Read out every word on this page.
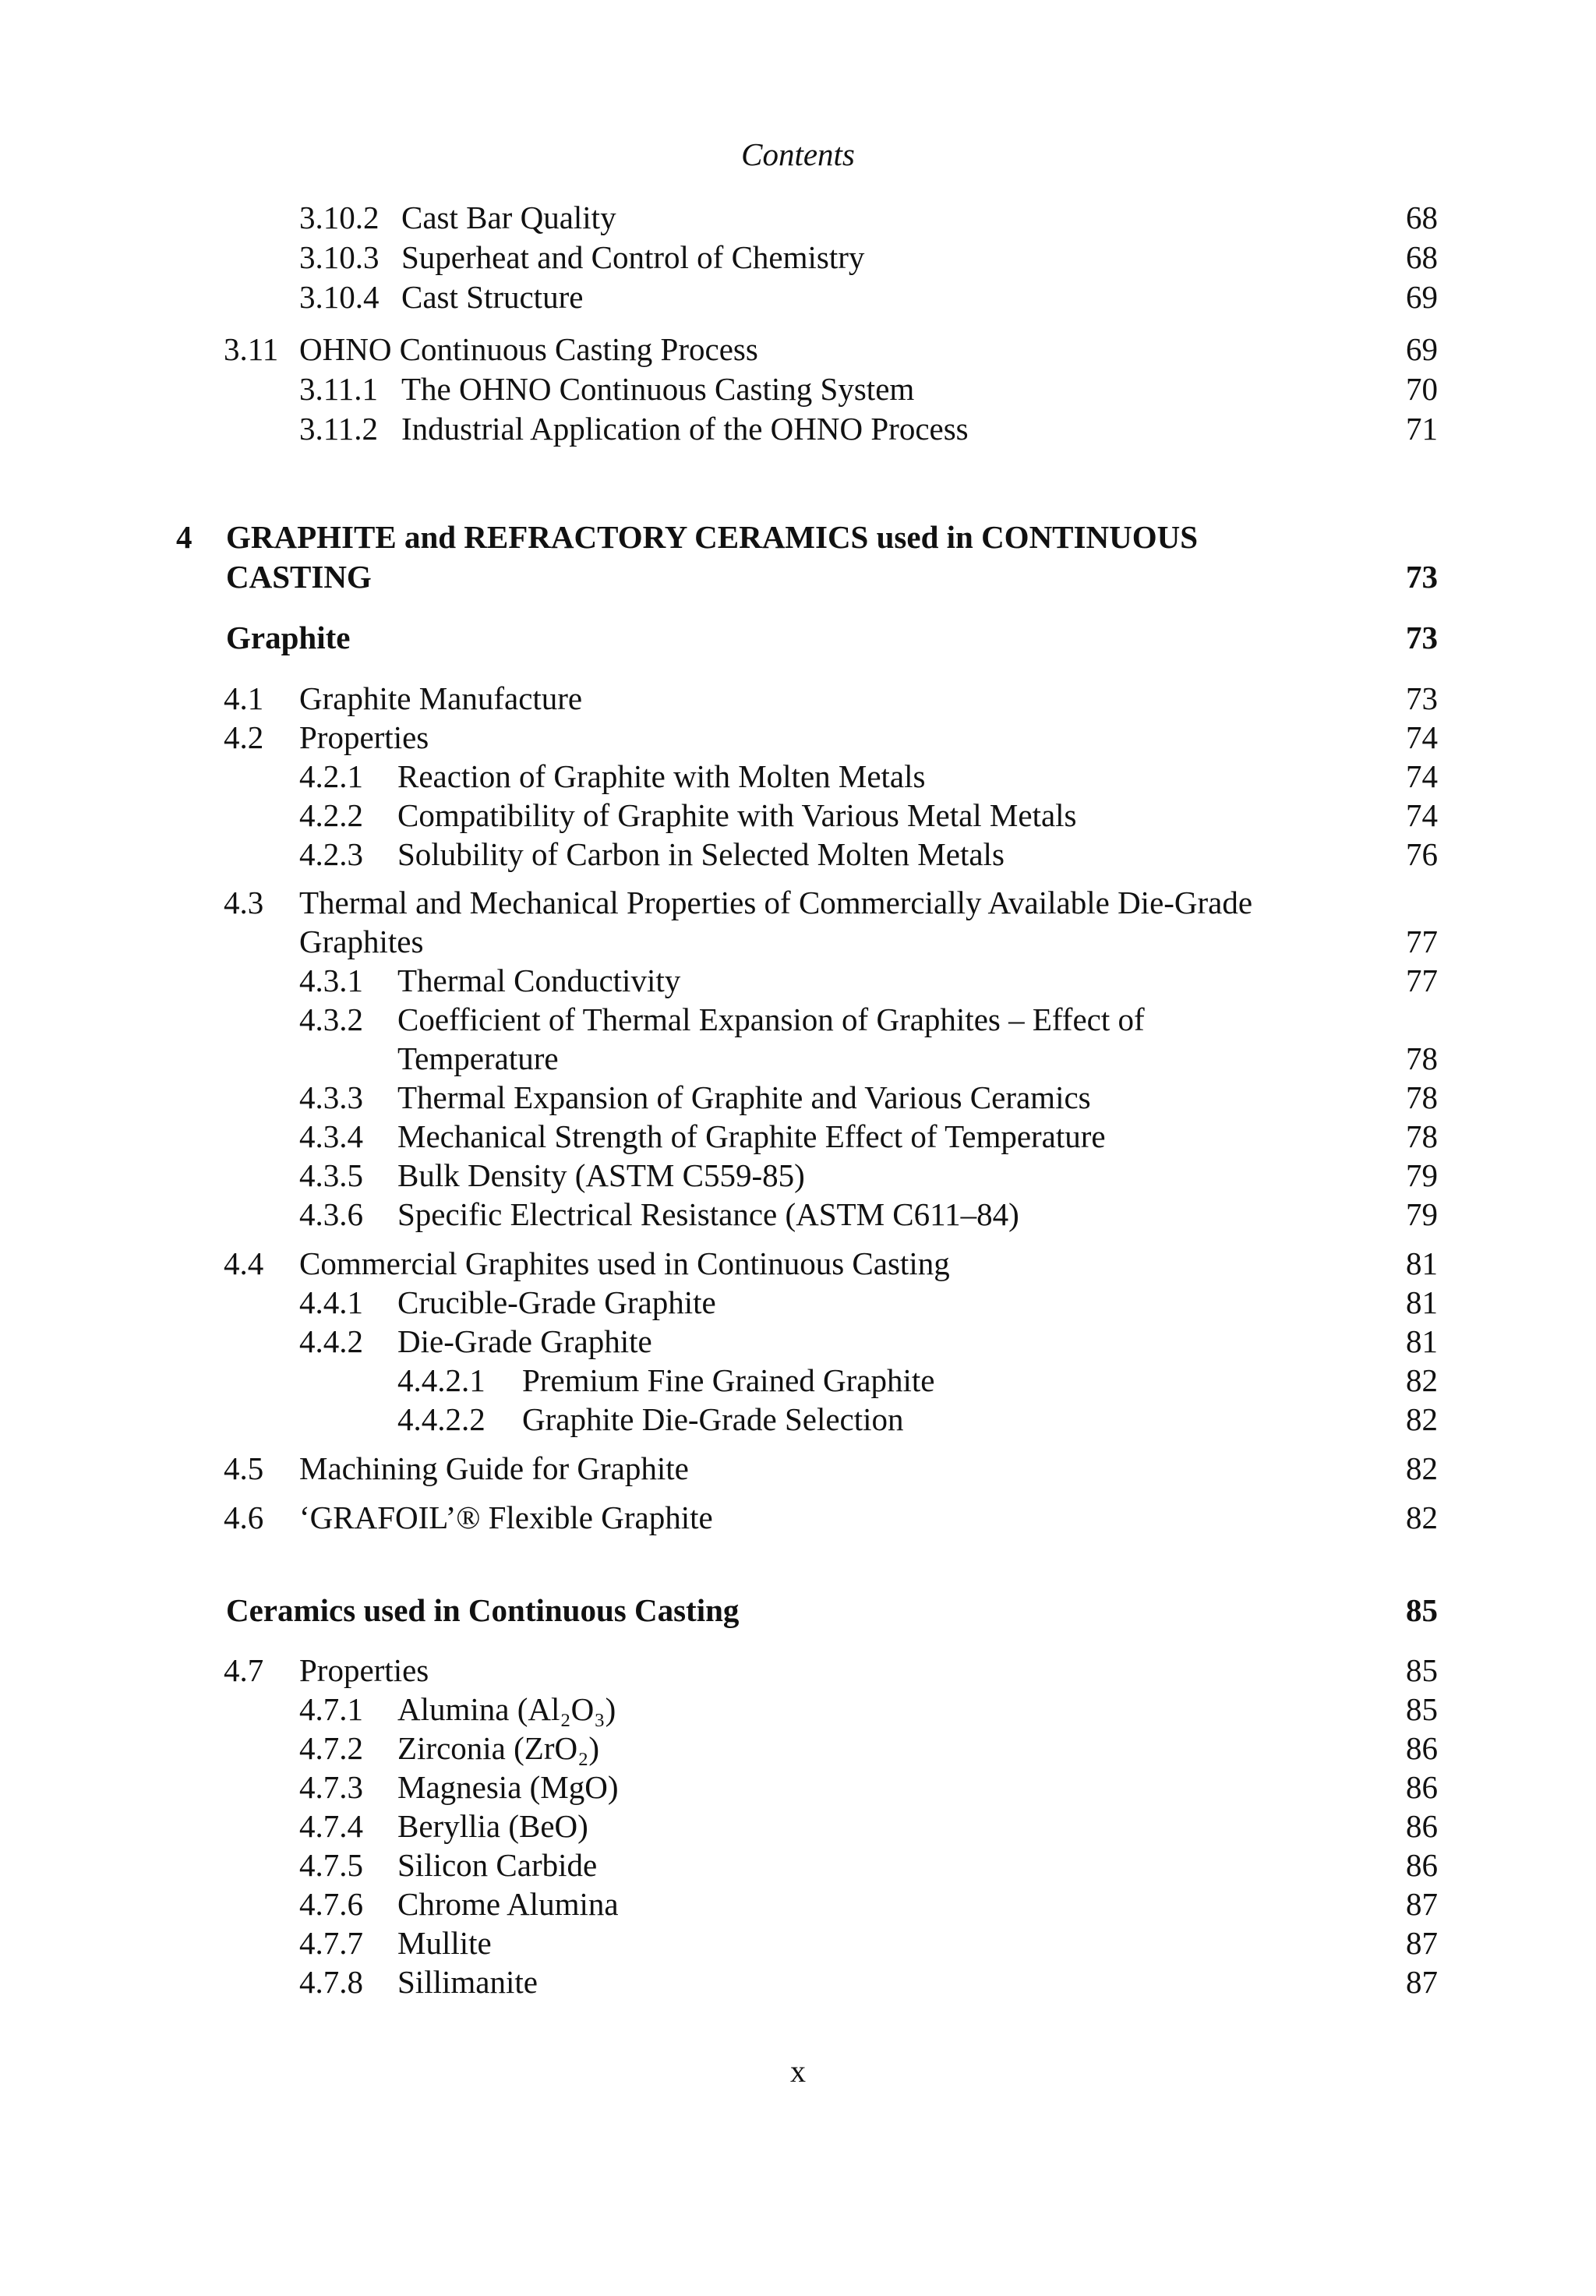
Contents
3.10.2 Cast Bar Quality	68
3.10.3 Superheat and Control of Chemistry	68
3.10.4 Cast Structure	69
3.11 OHNO Continuous Casting Process	69
3.11.1 The OHNO Continuous Casting System	70
3.11.2 Industrial Application of the OHNO Process	71
4 GRAPHITE and REFRACTORY CERAMICS used in CONTINUOUS
CASTING	73
Graphite	73
4.1 Graphite Manufacture	73
4.2 Properties	74
4.2.1 Reaction of Graphite with Molten Metals	74
4.2.2 Compatibility of Graphite with Various Metal Metals	74
4.2.3 Solubility of Carbon in Selected Molten Metals	76
4.3 Thermal and Mechanical Properties of Commercially Available Die-Grade
Graphites	77
4.3.1 Thermal Conductivity	77
4.3.2 Coefficient of Thermal Expansion of Graphites – Effect of
Temperature	78
4.3.3 Thermal Expansion of Graphite and Various Ceramics	78
4.3.4 Mechanical Strength of Graphite Effect of Temperature	78
4.3.5 Bulk Density (ASTM C559-85)	79
4.3.6 Specific Electrical Resistance (ASTM C611–84)	79
4.4 Commercial Graphites used in Continuous Casting	81
4.4.1 Crucible-Grade Graphite	81
4.4.2 Die-Grade Graphite	81
4.4.2.1 Premium Fine Grained Graphite	82
4.4.2.2 Graphite Die-Grade Selection	82
4.5 Machining Guide for Graphite	82
4.6 ‘GRAFOIL’® Flexible Graphite	82
Ceramics used in Continuous Casting	85
4.7 Properties	85
4.7.1 Alumina (Al₂O₃)	85
4.7.2 Zirconia (ZrO₂)	86
4.7.3 Magnesia (MgO)	86
4.7.4 Beryllia (BeO)	86
4.7.5 Silicon Carbide	86
4.7.6 Chrome Alumina	87
4.7.7 Mullite	87
4.7.8 Sillimanite	87
x
